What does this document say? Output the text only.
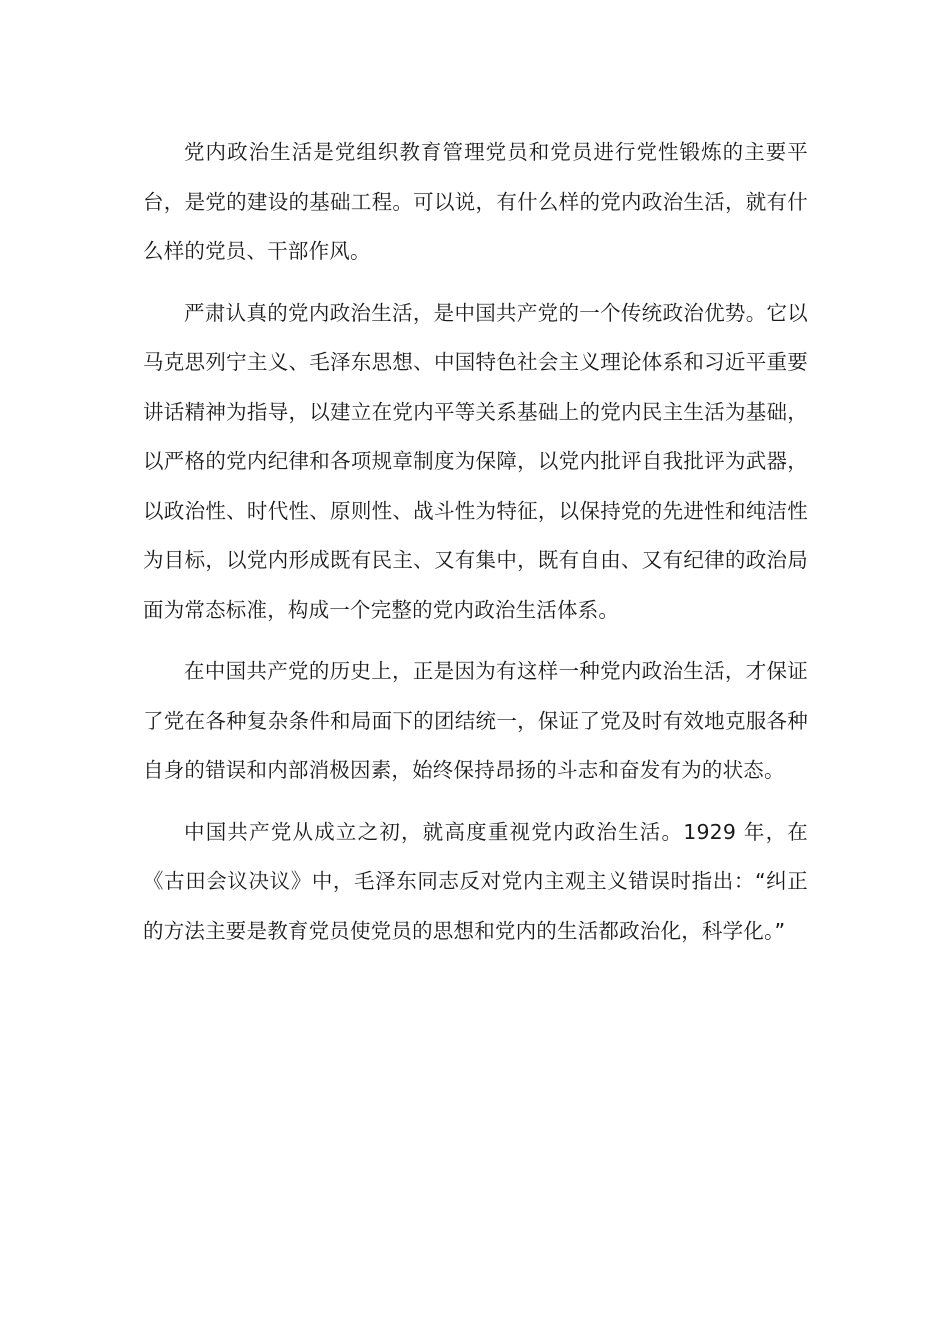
党内政治生活是党组织教育管理党员和党员进行党性锻炼的主要平台，是党的建设的基础工程。可以说，有什么样的党内政治生活，就有什么样的党员、干部作风。

严肃认真的党内政治生活，是中国共产党的一个传统政治优势。它以马克思列宁主义、毛泽东思想、中国特色社会主义理论体系和习近平重要讲话精神为指导，以建立在党内平等关系基础上的党内民主生活为基础，以严格的党内纪律和各项规章制度为保障，以党内批评自我批评为武器，以政治性、时代性、原则性、战斗性为特征，以保持党的先进性和纯洁性为目标，以党内形成既有民主、又有集中，既有自由、又有纪律的政治局面为常态标准，构成一个完整的党内政治生活体系。

在中国共产党的历史上，正是因为有这样一种党内政治生活，才保证了党在各种复杂条件和局面下的团结统一，保证了党及时有效地克服各种自身的错误和内部消极因素，始终保持昂扬的斗志和奋发有为的状态。

中国共产党从成立之初，就高度重视党内政治生活。1929 年，在《古田会议决议》中，毛泽东同志反对党内主观主义错误时指出：“纠正的方法主要是教育党员使党员的思想和党内的生活都政治化，科学化。”
